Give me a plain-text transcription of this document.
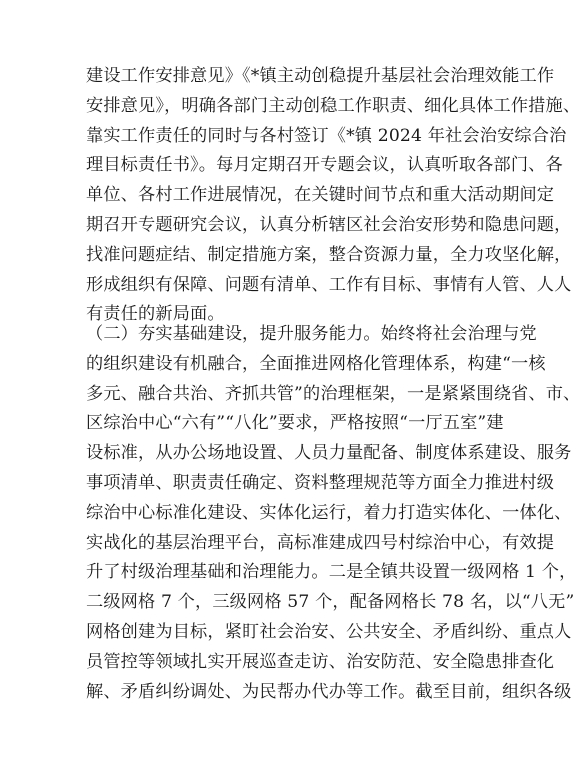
建设工作安排意见》《*镇主动创稳提升基层社会治理效能工作
安排意见》，明确各部门主动创稳工作职责、细化具体工作措施、
靠实工作责任的同时与各村签订《*镇 2024 年社会治安综合治
理目标责任书》。每月定期召开专题会议，认真听取各部门、各
单位、各村工作进展情况，在关键时间节点和重大活动期间定
期召开专题研究会议，认真分析辖区社会治安形势和隐患问题，
找准问题症结、制定措施方案，整合资源力量，全力攻坚化解，
形成组织有保障、问题有清单、工作有目标、事情有人管、人人
有责任的新局面。
（二）夯实基础建设，提升服务能力。始终将社会治理与党
的组织建设有机融合，全面推进网格化管理体系，构建“一核
多元、融合共治、齐抓共管”的治理框架，一是紧紧围绕省、市、
区综治中心“六有”“八化”要求，严格按照“一厅五室”建
设标准，从办公场地设置、人员力量配备、制度体系建设、服务
事项清单、职责责任确定、资料整理规范等方面全力推进村级
综治中心标准化建设、实体化运行，着力打造实体化、一体化、
实战化的基层治理平台，高标准建成四号村综治中心，有效提
升了村级治理基础和治理能力。二是全镇共设置一级网格 1 个，
二级网格 7 个，三级网格 57 个，配备网格长 78 名，以“八无”
网格创建为目标，紧盯社会治安、公共安全、矛盾纠纷、重点人
员管控等领域扎实开展巡查走访、治安防范、安全隐患排查化
解、矛盾纠纷调处、为民帮办代办等工作。截至目前，组织各级
